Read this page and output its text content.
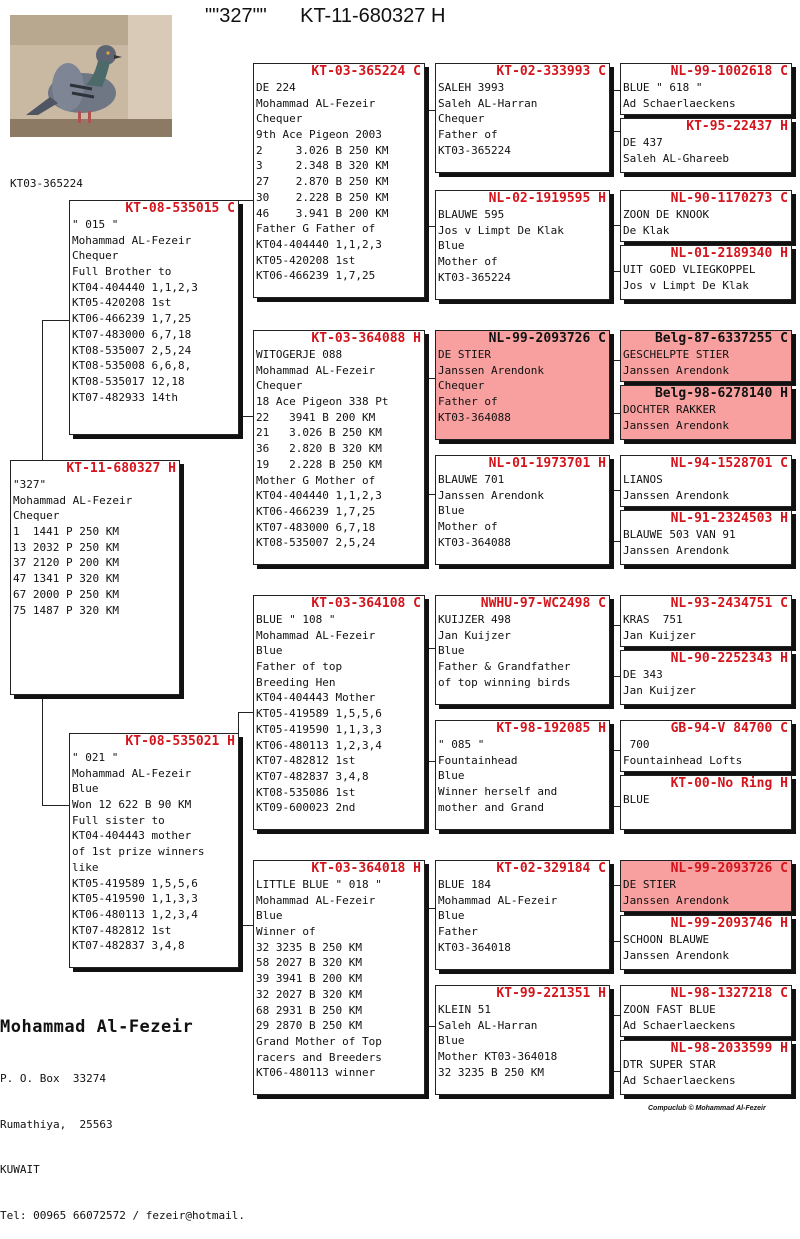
""327""      KT-11-680327 H
KT03-365224
KT-11-680327 H
"327"
Mohammad AL-Fezeir
Chequer
1  1441 P 250 KM
13 2032 P 250 KM
37 2120 P 200 KM
47 1341 P 320 KM
67 2000 P 250 KM
75 1487 P 320 KM
KT-08-535015 C
" 015 "
Mohammad AL-Fezeir
Chequer
Full Brother to
KT04-404440 1,1,2,3
KT05-420208 1st
KT06-466239 1,7,25
KT07-483000 6,7,18
KT08-535007 2,5,24
KT08-535008 6,6,8,
KT08-535017 12,18
KT07-482933 14th
KT-08-535021 H
" 021 "
Mohammad AL-Fezeir
Blue
Won 12 622 B 90 KM
Full sister to
KT04-404443 mother
of 1st prize winners
like
KT05-419589 1,5,5,6
KT05-419590 1,1,3,3
KT06-480113 1,2,3,4
KT07-482812 1st
KT07-482837 3,4,8
KT-03-365224 C
DE 224
Mohammad AL-Fezeir
Chequer
9th Ace Pigeon 2003
2     3.026 B 250 KM
3     2.348 B 320 KM
27    2.870 B 250 KM
30    2.228 B 250 KM
46    3.941 B 200 KM
Father G Father of
KT04-404440 1,1,2,3
KT05-420208 1st
KT06-466239 1,7,25
KT-03-364088 H
WITOGERJE 088
Mohammad AL-Fezeir
Chequer
18 Ace Pigeon 338 Pt
22   3941 B 200 KM
21   3.026 B 250 KM
36   2.820 B 320 KM
19   2.228 B 250 KM
Mother G Mother of
KT04-404440 1,1,2,3
KT06-466239 1,7,25
KT07-483000 6,7,18
KT08-535007 2,5,24
KT-03-364108 C
BLUE " 108 "
Mohammad AL-Fezeir
Blue
Father of top
Breeding Hen
KT04-404443 Mother
KT05-419589 1,5,5,6
KT05-419590 1,1,3,3
KT06-480113 1,2,3,4
KT07-482812 1st
KT07-482837 3,4,8
KT08-535086 1st
KT09-600023 2nd
KT-03-364018 H
LITTLE BLUE " 018 "
Mohammad AL-Fezeir
Blue
Winner of
32 3235 B 250 KM
58 2027 B 320 KM
39 3941 B 200 KM
32 2027 B 320 KM
68 2931 B 250 KM
29 2870 B 250 KM
Grand Mother of Top
racers and Breeders
KT06-480113 winner
KT-02-333993 C
SALEH 3993
Saleh AL-Harran
Chequer
Father of
KT03-365224
NL-02-1919595 H
BLAUWE 595
Jos v Limpt De Klak
Blue
Mother of
KT03-365224
NL-99-2093726 C
DE STIER
Janssen Arendonk
Chequer
Father of
KT03-364088
NL-01-1973701 H
BLAUWE 701
Janssen Arendonk
Blue
Mother of
KT03-364088
NWHU-97-WC2498 C
KUIJZER 498
Jan Kuijzer
Blue
Father & Grandfather
of top winning birds
KT-98-192085 H
" 085 "
Fountainhead
Blue
Winner herself and
mother and Grand
KT-02-329184 C
BLUE 184
Mohammad AL-Fezeir
Blue
Father
KT03-364018
KT-99-221351 H
KLEIN 51
Saleh AL-Harran
Blue
Mother KT03-364018
32 3235 B 250 KM
NL-99-1002618 C
BLUE " 618 "
Ad Schaerlaeckens
KT-95-22437 H
DE 437
Saleh AL-Ghareeb
NL-90-1170273 C
ZOON DE KNOOK
De Klak
NL-01-2189340 H
UIT GOED VLIEGKOPPEL
Jos v Limpt De Klak
Belg-87-6337255 C
GESCHELPTE STIER
Janssen Arendonk
Belg-98-6278140 H
DOCHTER RAKKER
Janssen Arendonk
NL-94-1528701 C
LIANOS
Janssen Arendonk
NL-91-2324503 H
BLAUWE 503 VAN 91
Janssen Arendonk
NL-93-2434751 C
KRAS  751
Jan Kuijzer
NL-90-2252343 H
DE 343
Jan Kuijzer
GB-94-V 84700 C
700
Fountainhead Lofts
KT-00-No Ring H
BLUE
NL-99-2093726 C
DE STIER
Janssen Arendonk
NL-99-2093746 H
SCHOON BLAUWE
Janssen Arendonk
NL-98-1327218 C
ZOON FAST BLUE
Ad Schaerlaeckens
NL-98-2033599 H
DTR SUPER STAR
Ad Schaerlaeckens
Mohammad Al-Fezeir

P. O. Box  33274

Rumathiya,  25563

KUWAIT

Tel: 00965 66072572 / fezeir@hotmail.

Compuclub © Mohammad Al-Fezeir
